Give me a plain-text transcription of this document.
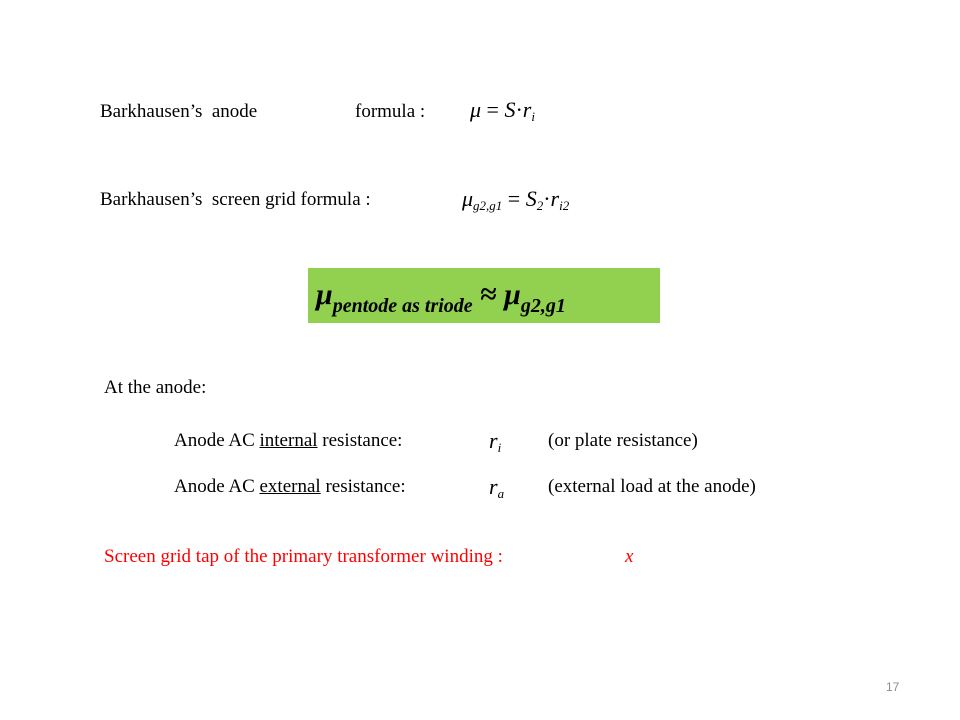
Barkhausen’s anode	formula : $\mu = S\cdot r_i$
Barkhausen’s screen grid formula :	$\mu_{g2,g1} = S_2\cdot r_{i2}$
$\mu_{pentode as triode} \approx \mu_{g2,g1}$
At the anode:
Anode AC internal resistance:	$r_i$ (or plate resistance)
Anode AC external resistance:	$r_a$ (external load at the anode)
Screen grid tap of the primary transformer winding :	x
17
